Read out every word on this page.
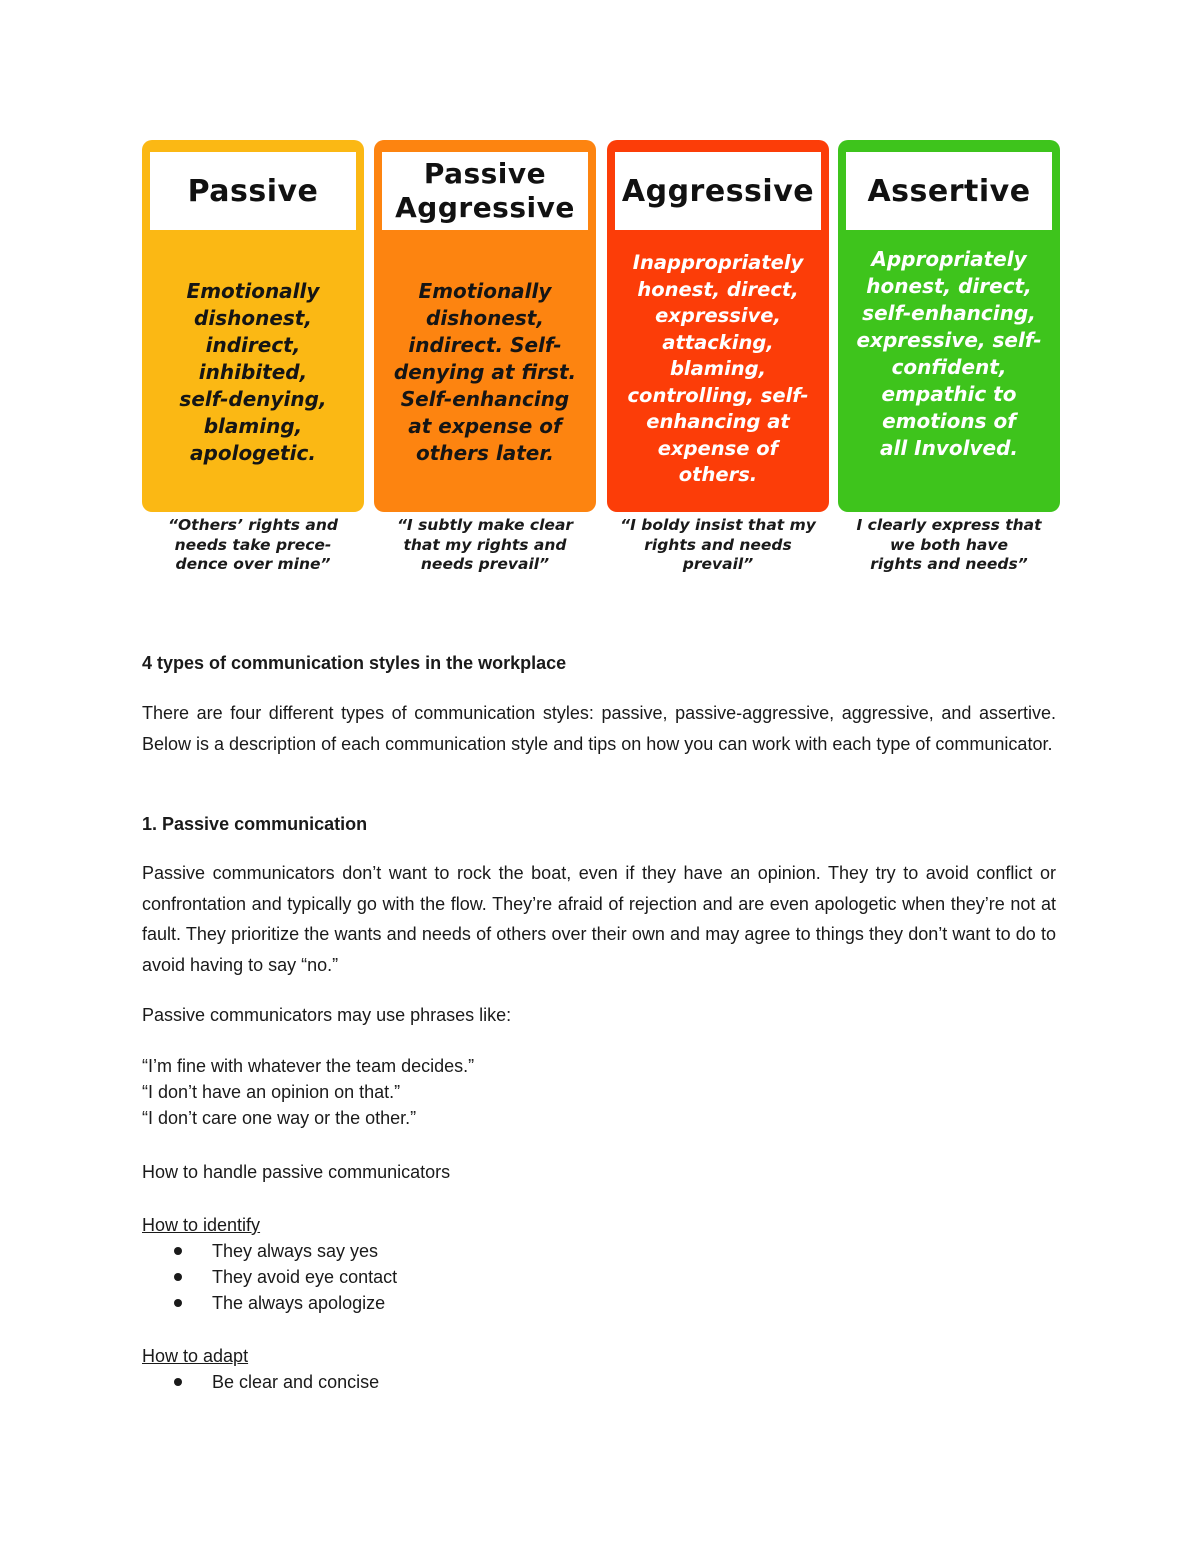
Passive
Emotionally
dishonest,
indirect,
inhibited,
self-denying,
blaming,
apologetic.
“Others’ rights and
needs take prece-
dence over mine”
Passive
Aggressive
Emotionally
dishonest,
indirect. Self-
denying at first.
Self-enhancing
at expense of
others later.
“I subtly make clear
that my rights and
needs prevail”
Aggressive
Inappropriately
honest, direct,
expressive,
attacking,
blaming,
controlling, self-
enhancing at
expense of
others.
“I boldy insist that my
rights and needs
prevail”
Assertive
Appropriately
honest, direct,
self-enhancing,
expressive, self-
confident,
empathic to
emotions of
all Involved.
I clearly express that
we both have
rights and needs”
4 types of communication styles in the workplace
There are four different types of communication styles: passive, passive-aggressive, aggressive, and assertive. Below is a description of each communication style and tips on how you can work with each type of communicator.
1. Passive communication
Passive communicators don’t want to rock the boat, even if they have an opinion. They try to avoid conflict or confrontation and typically go with the flow. They’re afraid of rejection and are even apologetic when they’re not at fault. They prioritize the wants and needs of others over their own and may agree to things they don’t want to do to avoid having to say “no.”
Passive communicators may use phrases like:
“I’m fine with whatever the team decides.”
“I don’t have an opinion on that.”
“I don’t care one way or the other.”
How to handle passive communicators
How to identify
They always say yes
They avoid eye contact
The always apologize
How to adapt
Be clear and concise
